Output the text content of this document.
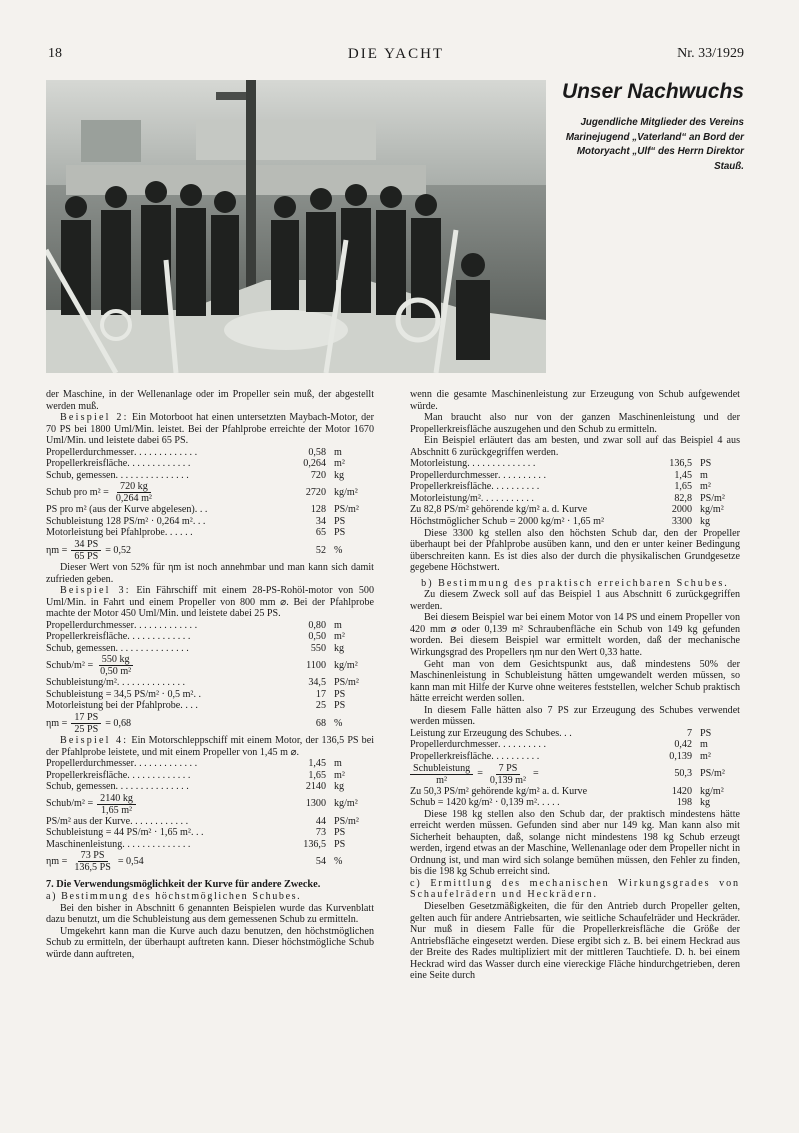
18	DIE YACHT	Nr. 33/1929
Unser Nachwuchs
Jugendliche Mitglieder des Vereins Marinejugend „Vaterland“ an Bord der Motoryacht „Ulf“ des Herrn Direktor Stauß.

der Maschine, in der Wellenanlage oder im Propeller sein muß, der abgestellt werden muß.

Beispiel 2: Ein Motorboot hat einen untersetzten Maybach-Motor, der 70 PS bei 1800 Uml/Min. leistet. Bei der Pfahlprobe erreichte der Motor 1670 Uml/Min. und leistete dabei 65 PS.

Propellerdurchmesser . . . . . . . . . . . . .	0,58 m
Propellerkreisfläche . . . . . . . . . . . . .	0,264 m²
Schub, gemessen . . . . . . . . . . . . . . .	720 kg
Schub pro $m^2 = \frac{720 kg}{\text{0,264 m²}}$	2720 kg/m²
PS pro m² (aus der Kurve abgelesen) . . .	128 PS/m²
Schubleistung 128 PS/m² · 0,264 m² . . .	34 PS
Motorleistung bei Pfahlprobe . . . . . .	65 PS
$\eta m = \frac{34 PS}{65 PS} = 0,52$	52 %

Dieser Wert von 52% für ηm ist noch annehmbar und man kann sich damit zufrieden geben.

Beispiel 3: Ein Fährschiff mit einem 28-PS-Rohöl-motor von 500 Uml/Min. in Fahrt und einem Propeller von 800 mm ⌀. Bei der Pfahlprobe machte der Motor 450 Uml/Min. und leistete dabei 25 PS.

Propellerdurchmesser . . . . . . . . . . . . .	0,80 m
Propellerkreisfläche . . . . . . . . . . . . .	0,50 m²
Schub, gemessen . . . . . . . . . . . . . . .	550 kg
Schub/m² = $\frac{550 kg}{\text{0,50 m²}}$	1100 kg/m²
Schubleistung/m² . . . . . . . . . . . . . .	34,5 PS/m²
Schubleistung = 34,5 PS/m² · 0,5 m² . .	17 PS
Motorleistung bei der Pfahlprobe . . . .	25 PS
$\eta m = \frac{17 PS}{25 PS} = 0,68$	68 %

Beispiel 4: Ein Motorschleppschiff mit einem Motor, der 136,5 PS bei der Pfahlprobe leistete, und mit einem Propeller von 1,45 m ⌀.

Propellerdurchmesser . . . . . . . . . . . . .	1,45 m
Propellerkreisfläche . . . . . . . . . . . . .	1,65 m²
Schub, gemessen . . . . . . . . . . . . . . .	2140 kg
Schub/m² = $\frac{2140 kg}{\text{1,65 m²}}$	1300 kg/m²
PS/m² aus der Kurve . . . . . . . . . . . .	44 PS/m²
Schubleistung = 44 PS/m² · 1,65 m² . . .	73 PS
Maschinenleistung . . . . . . . . . . . . . .	136,5 PS
$\eta m = \frac{73 PS}{136,5 PS} = 0,54$	54 %

7. Die Verwendungsmöglichkeit der Kurve für andere Zwecke.

a) Bestimmung des höchstmöglichen Schubes.

Bei den bisher in Abschnitt 6 genannten Beispielen wurde das Kurvenblatt dazu benutzt, um die Schubleistung aus dem gemessenen Schub zu ermitteln.

Umgekehrt kann man die Kurve auch dazu benutzen, den höchstmöglichen Schub zu ermitteln, der überhaupt auftreten kann. Dieser höchstmögliche Schub würde dann auftreten,

wenn die gesamte Maschinenleistung zur Erzeugung von Schub aufgewendet würde.

Man braucht also nur von der ganzen Maschinenleistung und der Propellerkreisfläche auszugehen und den Schub zu ermitteln.

Ein Beispiel erläutert das am besten, und zwar soll auf das Beispiel 4 aus Abschnitt 6 zurückgegriffen werden.

Motorleistung . . . . . . . . . . . . . .	136,5 PS
Propellerdurchmesser . . . . . . . . . .	1,45 m
Propellerkreisfläche . . . . . . . . . .	1,65 m²
Motorleistung/m² . . . . . . . . . . .	82,8 PS/m²
Zu 82,8 PS/m² gehörende kg/m² a. d. Kurve	2000 kg/m²
Höchstmöglicher Schub = 2000 kg/m² · 1,65 m²	3300 kg

Diese 3300 kg stellen also den höchsten Schub dar, den der Propeller überhaupt bei der Pfahlprobe ausüben kann, und den er unter keiner Bedingung überschreiten kann. Es ist dies also der durch die physikalischen Grundgesetze gegebene Höchstwert.

b) Bestimmung des praktisch erreichbaren Schubes.

Zu diesem Zweck soll auf das Beispiel 1 aus Abschnitt 6 zurückgegriffen werden.

Bei diesem Beispiel war bei einem Motor von 14 PS und einem Propeller von 420 mm ⌀ oder 0,139 m² Schraubenfläche ein Schub von 149 kg gefunden worden. Bei diesem Beispiel war ermittelt worden, daß der mechanische Wirkungsgrad des Propellers ηm nur den Wert 0,33 hatte.

Geht man von dem Gesichtspunkt aus, daß mindestens 50% der Maschinenleistung in Schubleistung hätten umgewandelt werden müssen, so kann man mit Hilfe der Kurve ohne weiteres feststellen, welcher Schub praktisch hätte erreicht werden sollen.

In diesem Falle hätten also 7 PS zur Erzeugung des Schubes verwendet werden müssen.

Leistung zur Erzeugung des Schubes . . .	7 PS
Propellerdurchmesser . . . . . . . . . .	0,42 m
Propellerkreisfläche . . . . . . . . . .	0,139 m²
$\frac{\text{Schubleistung}}{\text{m²}} = \frac{7 PS}{\text{0,139 m²}}$ =	50,3 PS/m²
Zu 50,3 PS/m² gehörende kg/m² a. d. Kurve	1420 kg/m²
Schub = 1420 kg/m² · 0,139 m² . . . . .	198 kg

Diese 198 kg stellen also den Schub dar, der praktisch mindestens hätte erreicht werden müssen. Gefunden sind aber nur 149 kg. Man kann also mit Sicherheit behaupten, daß, solange nicht mindestens 198 kg Schub erzeugt werden, irgend etwas an der Maschine, Wellenanlage oder dem Propeller nicht in Ordnung ist, und man wird sich solange bemühen müssen, den Fehler zu finden, bis die 198 kg Schub erreicht sind.

c) Ermittlung des mechanischen Wirkungsgrades von Schaufelrädern und Heckrädern.

Dieselben Gesetzmäßigkeiten, die für den Antrieb durch Propeller gelten, gelten auch für andere Antriebsarten, wie seitliche Schaufelräder und Heckräder. Nur muß in diesem Falle für die Propellerkreisfläche die Größe der Antriebsfläche eingesetzt werden. Diese ergibt sich z. B. bei einem Heckrad aus der Breite des Rades multipliziert mit der mittleren Tauchtiefe. D. h. bei einem Heckrad wird das Wasser durch eine viereckige Fläche hindurchgetrieben, deren eine Seite durch
